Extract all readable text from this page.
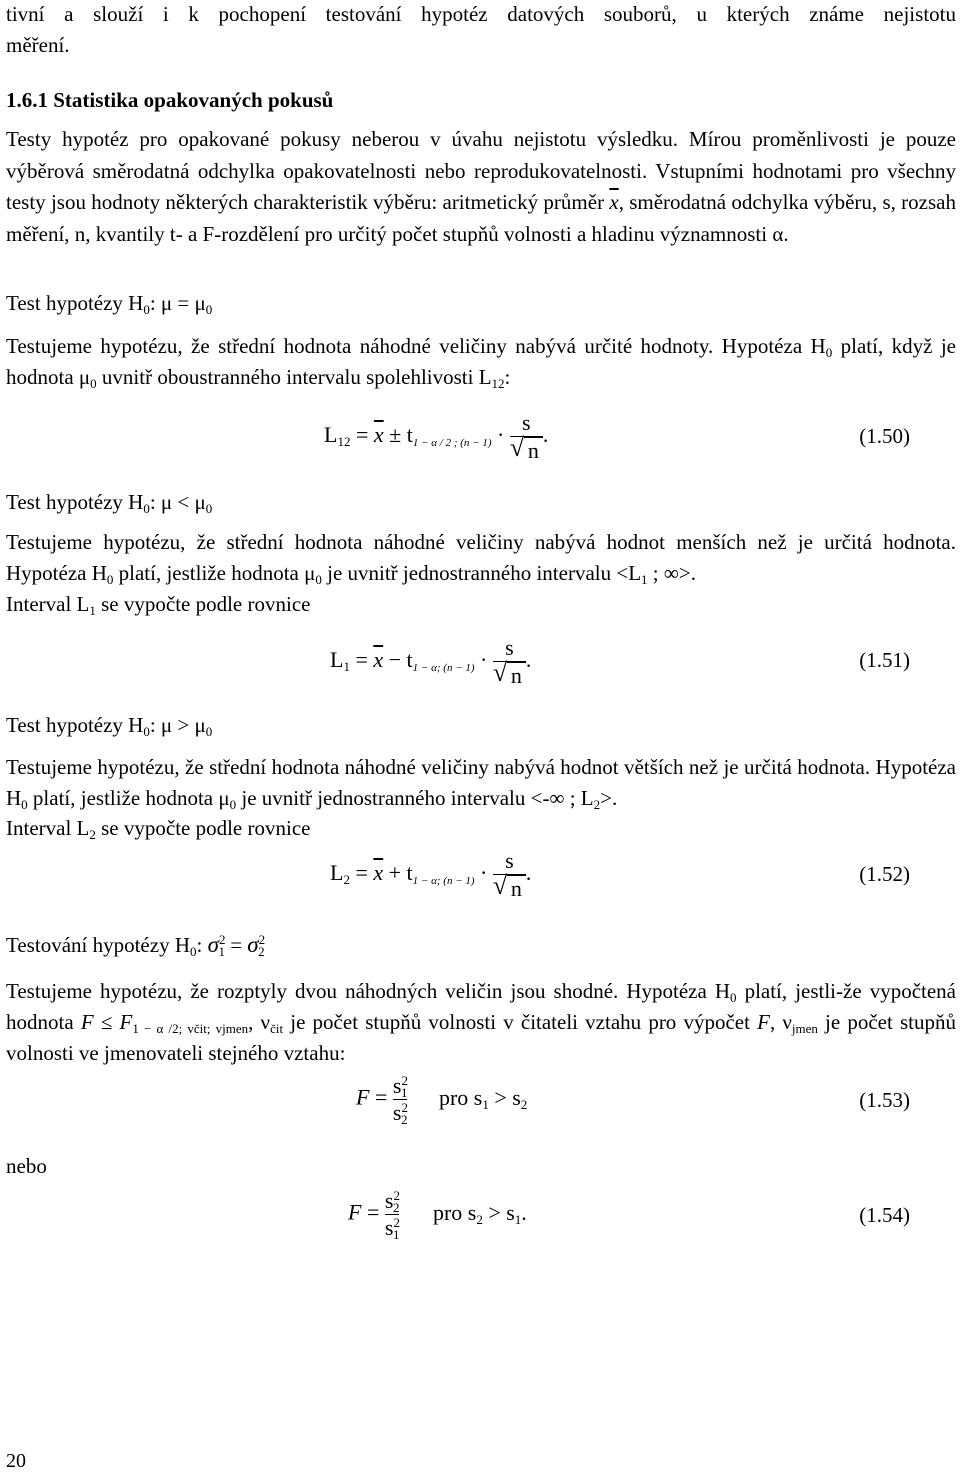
tivní a slouží i k pochopení testování hypotéz datových souborů, u kterých známe nejistotu
měření.
1.6.1 Statistika opakovaných pokusů

Testy hypotéz pro opakované pokusy neberou v úvahu nejistotu výsledku. Mírou proměnlivosti je pouze výběrová směrodatná odchylka opakovatelnosti nebo reprodukovatelnosti. Vstupními hodnotami pro všechny testy jsou hodnoty některých charakteristik výběru: aritmetický průměr $\overline{x}$, směrodatná odchylka výběru, s, rozsah měření, n, kvantily t- a F-rozdělení pro určitý počet stupňů volnosti a hladinu významnosti α.

Test hypotézy $H_0$: $\mu = \mu_0$

Testujeme hypotézu, že střední hodnota náhodné veličiny nabývá určité hodnoty. Hypotéza $H_0$ platí, když je hodnota $\mu_0$ uvnitř oboustranného intervalu spolehlivosti $L_{12}$:

$L_{12} = \overline{x} \pm t_{1 - \alpha / 2 ; (n - 1)} \cdot \frac{s}{√ n}$ .	(1.50)
Test hypotézy $H_0$: $\mu < \mu_0$

Testujeme hypotézu, že střední hodnota náhodné veličiny nabývá hodnot menších než je určitá hodnota. Hypotéza $H_0$ platí, jestliže hodnota $\mu_0$ je uvnitř jednostranného intervalu $<L_1$ ; ∞>.

Interval $L_1$ se vypočte podle rovnice
$L_1 = \overline{x} - t_{1 - \alpha; (n - 1)} \cdot \frac{s}{√ n}$ .	(1.51)
Test hypotézy $H_0$: $\mu > \mu_0$

Testujeme hypotézu, že střední hodnota náhodné veličiny nabývá hodnot větších než je určitá hodnota. Hypotéza $H_0$ platí, jestliže hodnota $\mu_0$ je uvnitř jednostranného intervalu <-∞ ; $L_2>$.

Interval $L_2$ se vypočte podle rovnice
$L_2 = \overline{x} + t_{1 - \alpha; (n - 1)} \cdot \frac{s}{√ n}$ .	(1.52)
Testování hypotézy $H_0$: $\sigma^2_1 = \sigma^2_2$

Testujeme hypotézu, že rozptyly dvou náhodných veličin jsou shodné. Hypotéza $H_0$ platí, jestli-že vypočtená hodnota $F \le F_{1 - \alpha /2; včit; vjmen}$, $\nu_{čit}$ je počet stupňů volnosti v čitateli vztahu pro výpočet F, $\nu_{jmen}$ je počet stupňů volnosti ve jmenovateli stejného vztahu:

$F = \frac{s^2_1}{s^2_2}$ pro $s_1 > s_2$	(1.53)
nebo
$F = \frac{s^2_2}{s^2_1}$ pro $s_2 > s_1$.	(1.54)
20
